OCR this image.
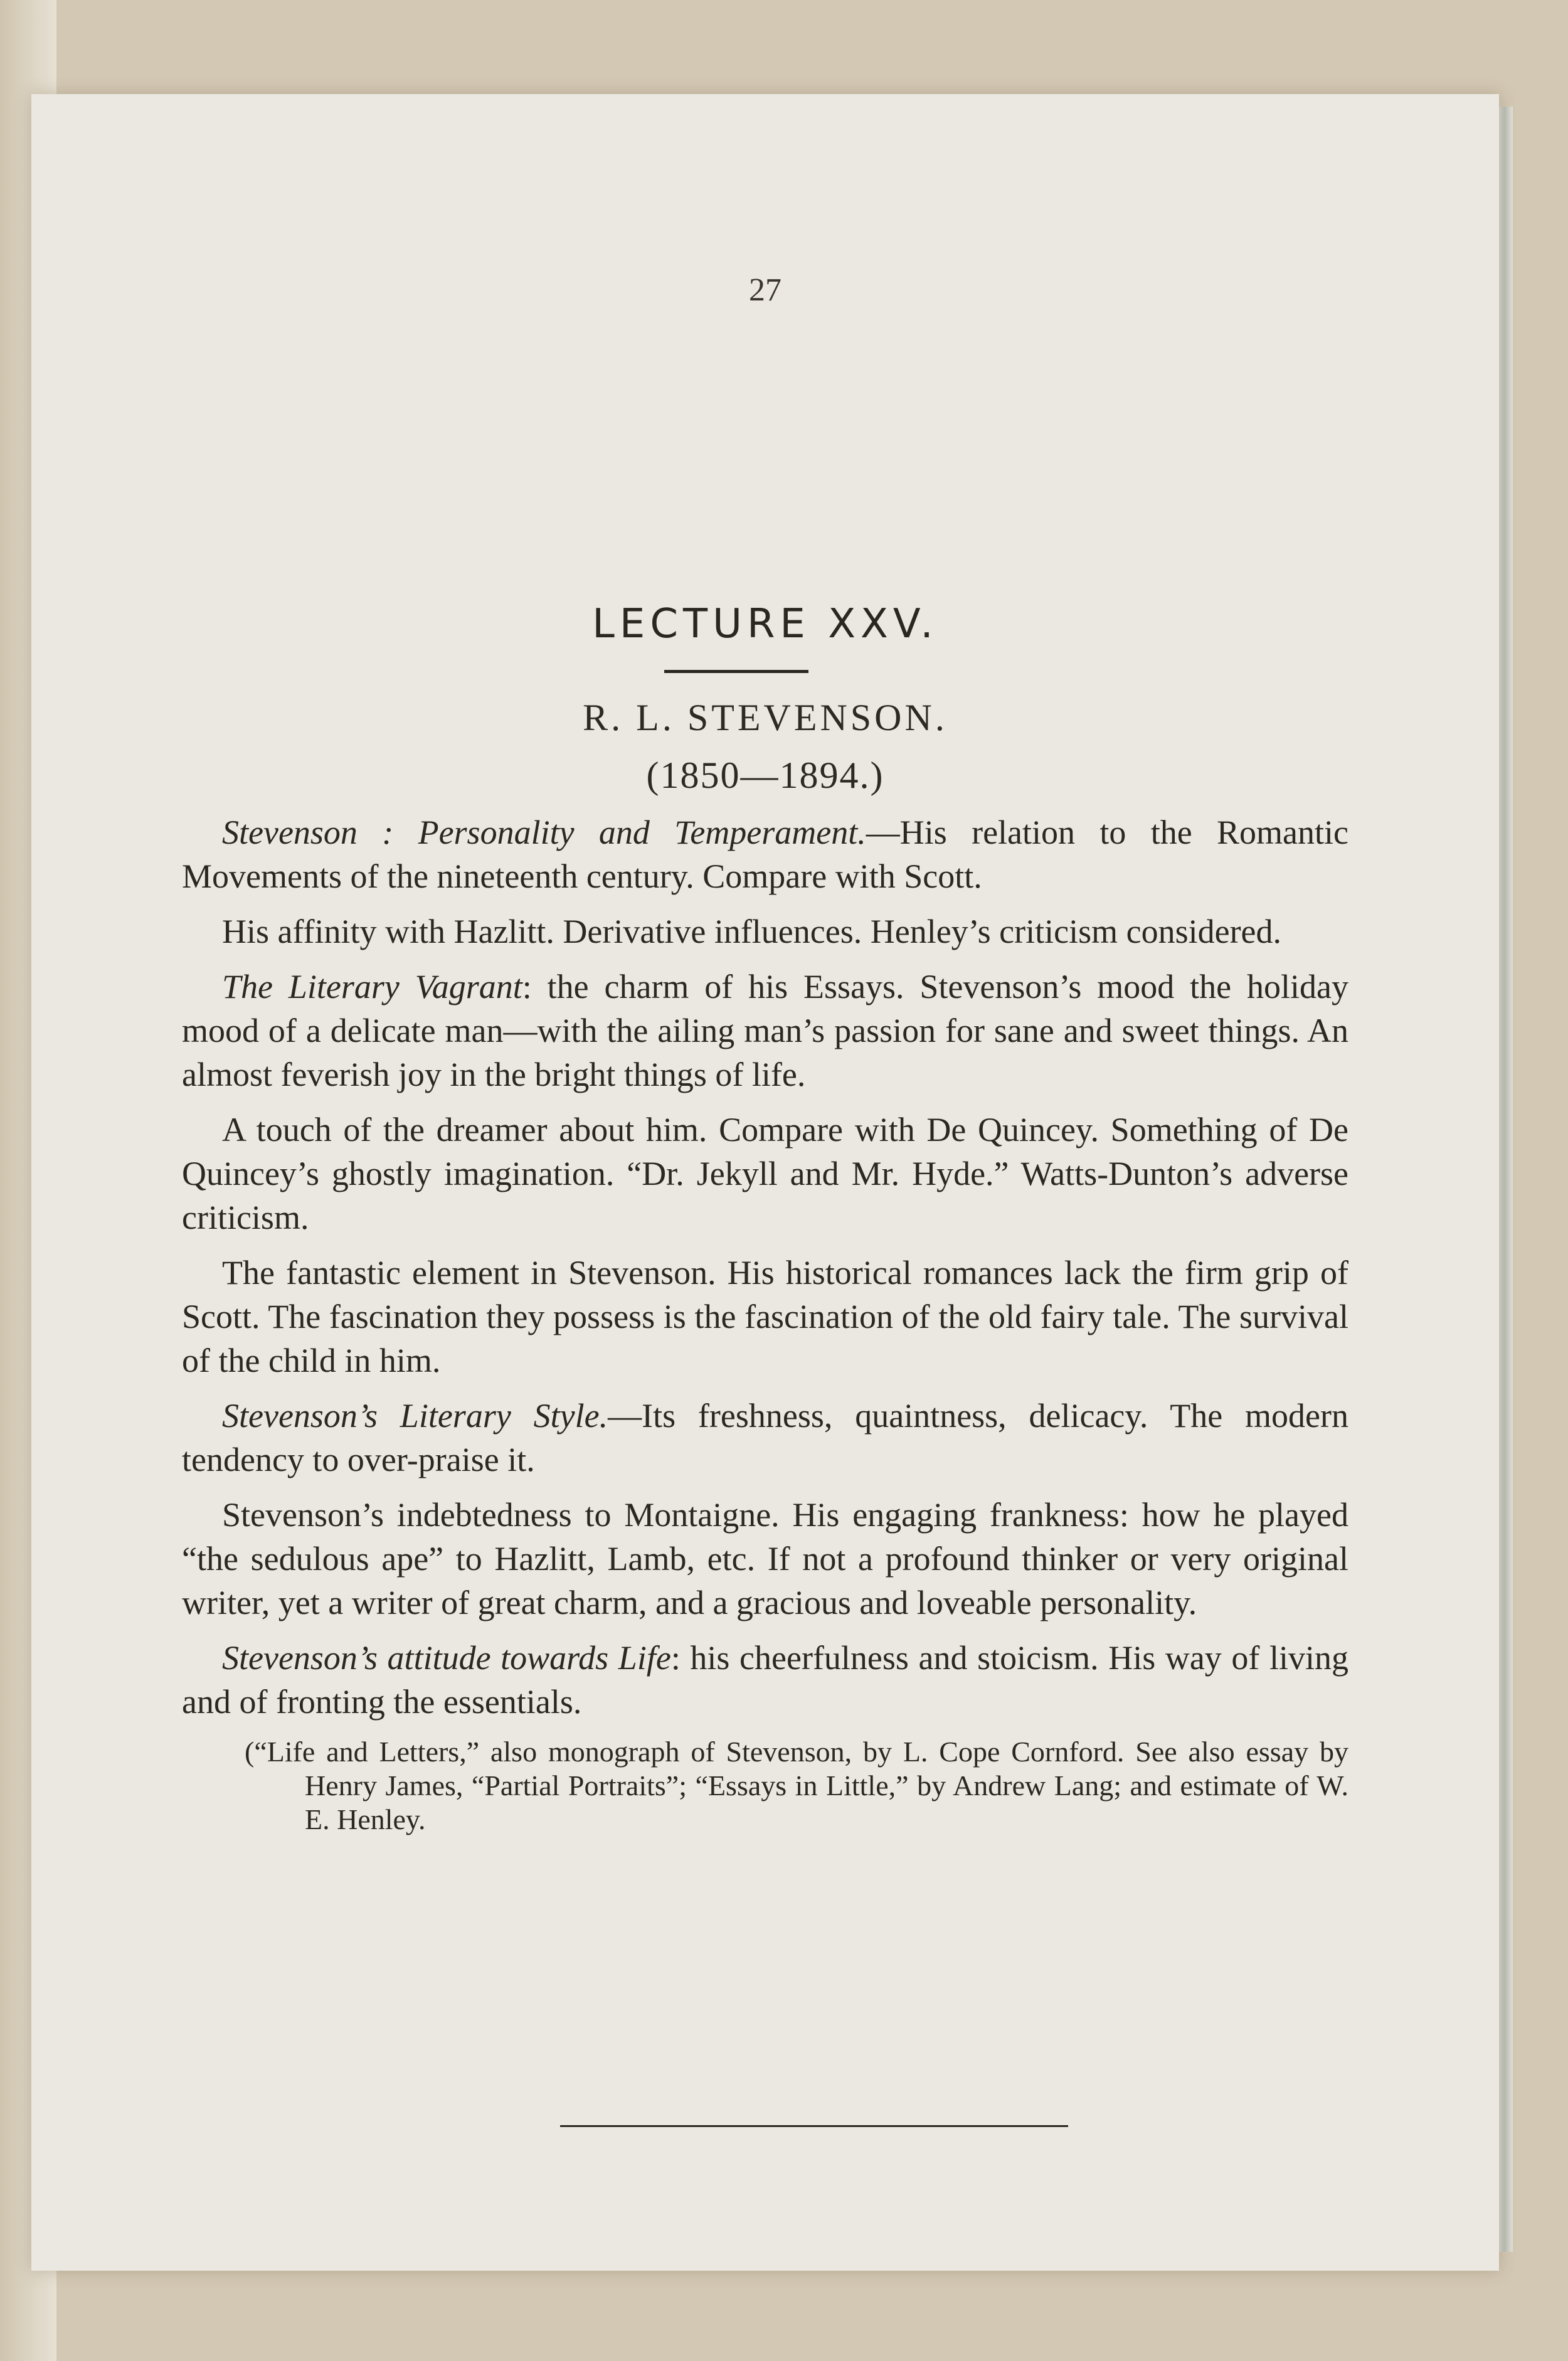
27
LECTURE XXV.
R. L. STEVENSON.
(1850—1894.)

Stevenson : Personality and Temperament.—His relation to the Romantic Movements of the nineteenth century. Compare with Scott.

His affinity with Hazlitt. Derivative influences. Henley’s criticism considered.

The Literary Vagrant: the charm of his Essays. Stevenson’s mood the holiday mood of a delicate man—with the ailing man’s passion for sane and sweet things. An almost feverish joy in the bright things of life.

A touch of the dreamer about him. Compare with De Quincey. Something of De Quincey’s ghostly imagination. “Dr. Jekyll and Mr. Hyde.” Watts-Dunton’s adverse criticism.

The fantastic element in Stevenson. His historical romances lack the firm grip of Scott. The fascination they possess is the fascination of the old fairy tale. The survival of the child in him.

Stevenson’s Literary Style.—Its freshness, quaintness, delicacy. The modern tendency to over-praise it.

Stevenson’s indebtedness to Montaigne. His engaging frankness: how he played “the sedulous ape” to Hazlitt, Lamb, etc. If not a profound thinker or very original writer, yet a writer of great charm, and a gracious and loveable personality.

Stevenson’s attitude towards Life: his cheerfulness and stoicism. His way of living and of fronting the essentials.

(“Life and Letters,” also monograph of Stevenson, by L. Cope Cornford. See also essay by Henry James, “Partial Portraits”; “Essays in Little,” by Andrew Lang; and estimate of W. E. Henley.
